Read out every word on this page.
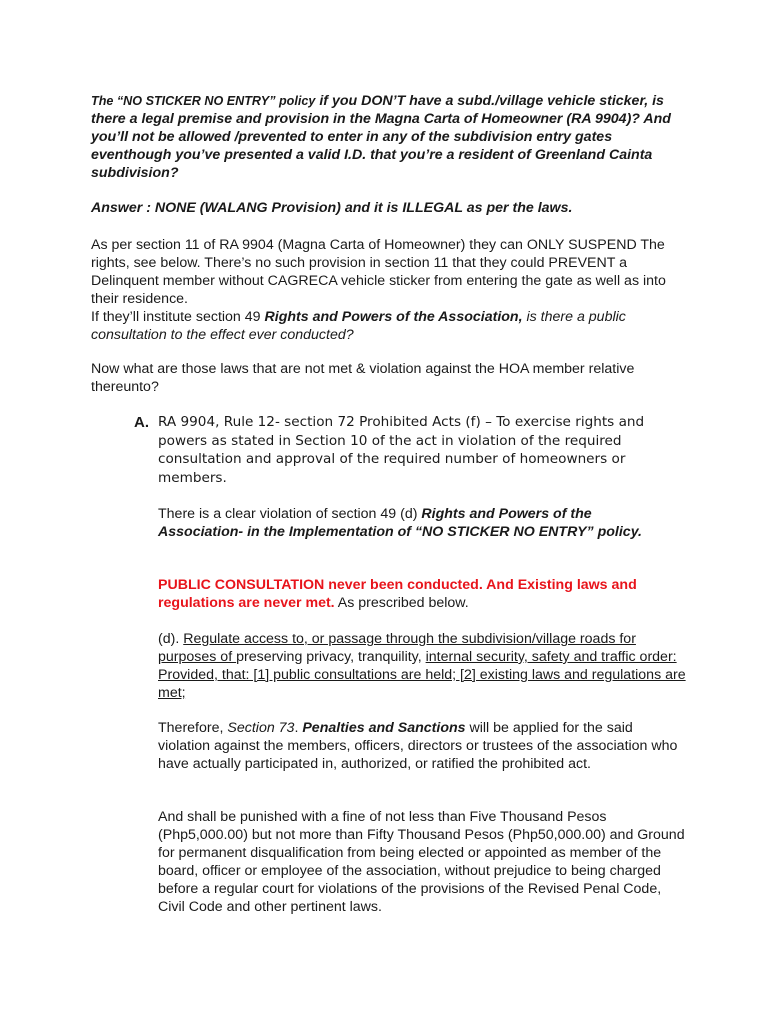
The “NO STICKER NO ENTRY” policy if you DON’T have a subd./village vehicle sticker, is there a legal premise and provision in the Magna Carta of Homeowner (RA 9904)? And you’ll not be allowed /prevented to enter in any of the subdivision entry gates eventhough you’ve presented a valid I.D. that you’re a resident of Greenland Cainta subdivision?

Answer : NONE (WALANG Provision) and it is ILLEGAL as per the laws.

As per section 11 of RA 9904 (Magna Carta of Homeowner) they can ONLY SUSPEND The rights, see below. There’s no such provision in section 11 that they could PREVENT a Delinquent member without CAGRECA vehicle sticker from entering the gate as well as into their residence.
If they’ll institute section 49 Rights and Powers of the Association, is there a public consultation to the effect ever conducted?

Now what are those laws that are not met & violation against the HOA member relative thereunto?

A. RA 9904, Rule 12- section 72 Prohibited Acts (f) – To exercise rights and powers as stated in Section 10 of the act in violation of the required consultation and approval of the required number of homeowners or members.

There is a clear violation of section 49 (d) Rights and Powers of the Association- in the Implementation of “NO STICKER NO ENTRY” policy.

PUBLIC CONSULTATION never been conducted. And Existing laws and regulations are never met. As prescribed below.

(d). Regulate access to, or passage through the subdivision/village roads for purposes of preserving privacy, tranquility, internal security, safety and traffic order: Provided, that: [1] public consultations are held; [2] existing laws and regulations are met;

Therefore, Section 73. Penalties and Sanctions will be applied for the said violation against the members, officers, directors or trustees of the association who have actually participated in, authorized, or ratified the prohibited act.

And shall be punished with a fine of not less than Five Thousand Pesos (Php5,000.00) but not more than Fifty Thousand Pesos (Php50,000.00) and Ground for permanent disqualification from being elected or appointed as member of the board, officer or employee of the association, without prejudice to being charged before a regular court for violations of the provisions of the Revised Penal Code, Civil Code and other pertinent laws.
